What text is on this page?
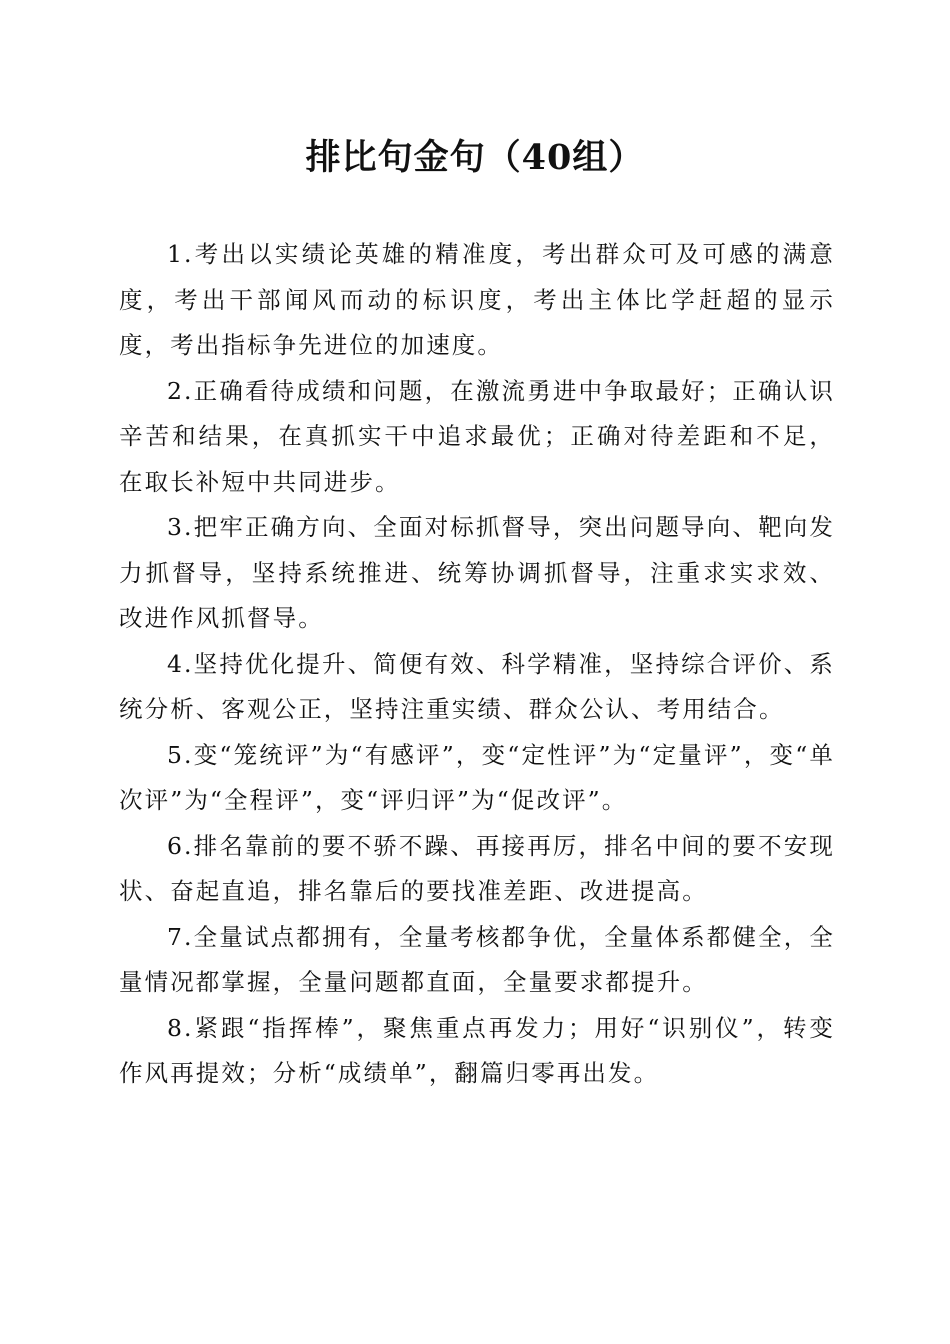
排比句金句（40组）

1.考出以实绩论英雄的精准度，考出群众可及可感的满意度，考出干部闻风而动的标识度，考出主体比学赶超的显示度，考出指标争先进位的加速度。

2.正确看待成绩和问题，在激流勇进中争取最好；正确认识辛苦和结果，在真抓实干中追求最优；正确对待差距和不足，在取长补短中共同进步。

3.把牢正确方向、全面对标抓督导，突出问题导向、靶向发力抓督导，坚持系统推进、统筹协调抓督导，注重求实求效、改进作风抓督导。

4.坚持优化提升、简便有效、科学精准，坚持综合评价、系统分析、客观公正，坚持注重实绩、群众公认、考用结合。

5.变“笼统评”为“有感评”，变“定性评”为“定量评”，变“单次评”为“全程评”，变“评归评”为“促改评”。

6.排名靠前的要不骄不躁、再接再厉，排名中间的要不安现状、奋起直追，排名靠后的要找准差距、改进提高。

7.全量试点都拥有，全量考核都争优，全量体系都健全，全量情况都掌握，全量问题都直面，全量要求都提升。

8.紧跟“指挥棒”，聚焦重点再发力；用好“识别仪”，转变作风再提效；分析“成绩单”，翻篇归零再出发。
